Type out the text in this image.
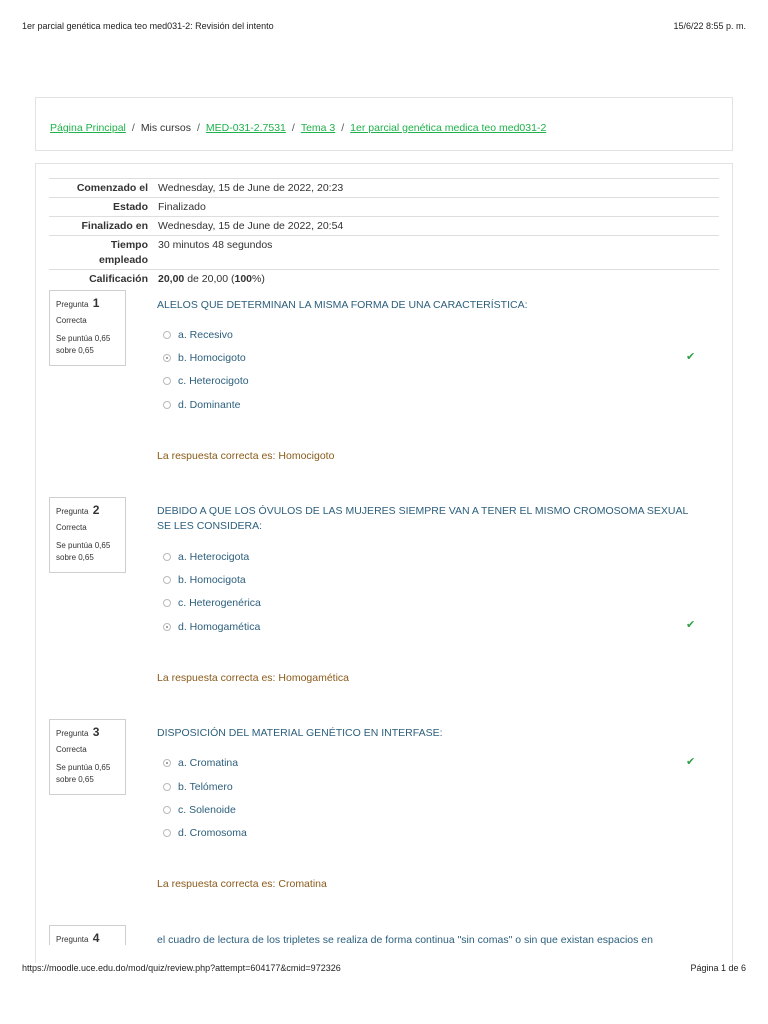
1er parcial genética medica teo med031-2: Revisión del intento	15/6/22 8:55 p. m.
Página Principal / Mis cursos / MED-031-2.7531 / Tema 3 / 1er parcial genética medica teo med031-2
Comenzado el	Wednesday, 15 de June de 2022, 20:23
Estado	Finalizado
Finalizado en	Wednesday, 15 de June de 2022, 20:54
Tiempo empleado	30 minutos 48 segundos
Calificación	20,00 de 20,00 (100%)
Pregunta 1
Correcta
Se puntúa 0,65 sobre 0,65
ALELOS QUE DETERMINAN LA MISMA FORMA DE UNA CARACTERÍSTICA:
a. Recesivo
b. Homocigoto	✔
c. Heterocigoto
d. Dominante
La respuesta correcta es: Homocigoto
Pregunta 2
Correcta
Se puntúa 0,65 sobre 0,65
DEBIDO A QUE LOS ÓVULOS DE LAS MUJERES SIEMPRE VAN A TENER EL MISMO CROMOSOMA SEXUAL SE LES CONSIDERA:
a. Heterocigota
b. Homocigota
c. Heterogenérica
d. Homogamética	✔
La respuesta correcta es: Homogamética
Pregunta 3
Correcta
Se puntúa 0,65 sobre 0,65
DISPOSICIÓN DEL MATERIAL GENÉTICO EN INTERFASE:
a. Cromatina	✔
b. Telómero
c. Solenoide
d. Cromosoma
La respuesta correcta es: Cromatina
Pregunta 4	el cuadro de lectura de los tripletes se realiza de forma continua "sin comas" o sin que existan espacios en
https://moodle.uce.edu.do/mod/quiz/review.php?attempt=604177&cmid=972326	Página 1 de 6
